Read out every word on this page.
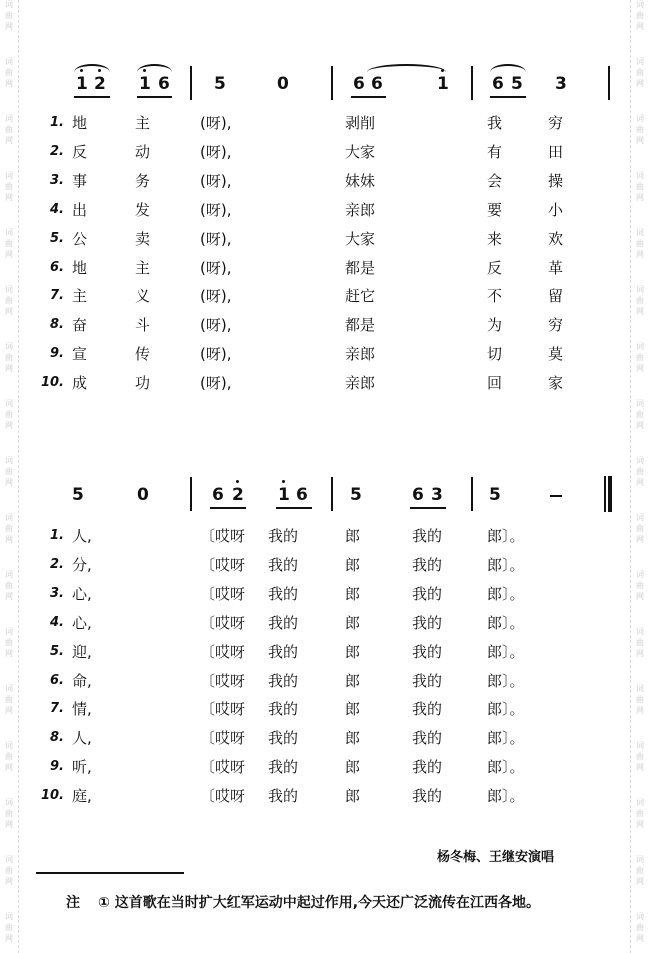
词
曲
网
词
曲
网
词
曲
网
词
曲
网
词
曲
网
词
曲
网
词
曲
网
词
曲
网
词
曲
网
词
曲
网
词
曲
网
词
曲
网
词
曲
网
词
曲
网
词
曲
网
词
曲
网
词
曲
网
词
曲
网
词
曲
网
词
曲
网
词
曲
网
词
曲
网
词
曲
网
词
曲
网
词
曲
网
词
曲
网
词
曲
网
词
曲
网
词
曲
网
词
曲
网
词
曲
网
词
曲
网
词
曲
网
词
曲
网
1 2 1 6	5	0	6 6	1	6 5 3
1. 地	主	(呀),	剥削	我	穷
2. 反	动	(呀),	大家	有	田
3. 事	务	(呀),	妹妹	会	操
4. 出	发	(呀),	亲郎	要	小
5. 公	卖	(呀),	大家	来	欢
6. 地	主	(呀),	都是	反	革
7. 主	义	(呀),	赶它	不	留
8. 奋	斗	(呀),	都是	为	穷
9. 宣	传	(呀),	亲郎	切	莫
10. 成	功	(呀),	亲郎	回	家
5	0	6 2 1 6 5	6 3	5
1. 人,	〔哎呀 我的	郎	我的	郎〕。
2. 分,	〔哎呀 我的	郎	我的	郎〕。
3. 心,	〔哎呀 我的	郎	我的	郎〕。
4. 心,	〔哎呀 我的	郎	我的	郎〕。
5. 迎,	〔哎呀 我的	郎	我的	郎〕。
6. 命,	〔哎呀 我的	郎	我的	郎〕。
7. 情,	〔哎呀 我的	郎	我的	郎〕。
8. 人,	〔哎呀 我的	郎	我的	郎〕。
9. 听,	〔哎呀 我的	郎	我的	郎〕。
10. 庭,	〔哎呀 我的	郎	我的	郎〕。
杨冬梅、王继安演唱
注 ① 这首歌在当时扩大红军运动中起过作用,今天还广泛流传在江西各地。
